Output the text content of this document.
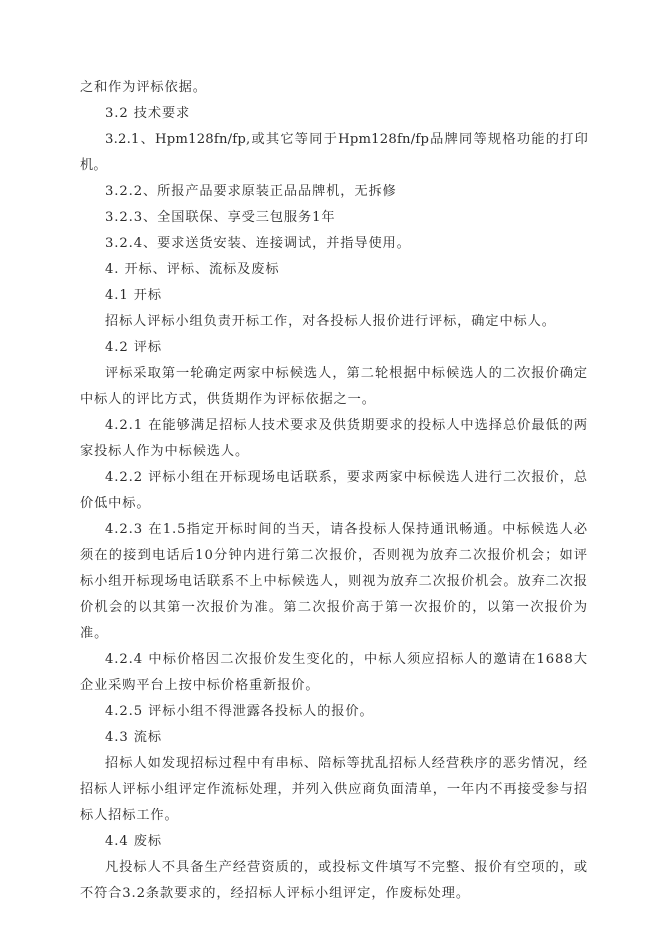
之和作为评标依据。

3.2 技术要求

3.2.1、Hpm128fn/fp,或其它等同于Hpm128fn/fp品牌同等规格功能的打印机。

3.2.2、所报产品要求原装正品品牌机，无拆修

3.2.3、全国联保、享受三包服务1年

3.2.4、要求送货安装、连接调试，并指导使用。

4. 开标、评标、流标及废标

4.1 开标

招标人评标小组负责开标工作，对各投标人报价进行评标，确定中标人。

4.2 评标

评标采取第一轮确定两家中标候选人，第二轮根据中标候选人的二次报价确定中标人的评比方式，供货期作为评标依据之一。

4.2.1 在能够满足招标人技术要求及供货期要求的投标人中选择总价最低的两家投标人作为中标候选人。

4.2.2 评标小组在开标现场电话联系，要求两家中标候选人进行二次报价，总价低中标。

4.2.3 在1.5指定开标时间的当天，请各投标人保持通讯畅通。中标候选人必须在的接到电话后10分钟内进行第二次报价，否则视为放弃二次报价机会；如评标小组开标现场电话联系不上中标候选人，则视为放弃二次报价机会。放弃二次报价机会的以其第一次报价为准。第二次报价高于第一次报价的，以第一次报价为准。

4.2.4 中标价格因二次报价发生变化的，中标人须应招标人的邀请在1688大企业采购平台上按中标价格重新报价。

4.2.5 评标小组不得泄露各投标人的报价。

4.3 流标

招标人如发现招标过程中有串标、陪标等扰乱招标人经营秩序的恶劣情况，经招标人评标小组评定作流标处理，并列入供应商负面清单，一年内不再接受参与招标人招标工作。

4.4 废标

凡投标人不具备生产经营资质的，或投标文件填写不完整、报价有空项的，或不符合3.2条款要求的，经招标人评标小组评定，作废标处理。
